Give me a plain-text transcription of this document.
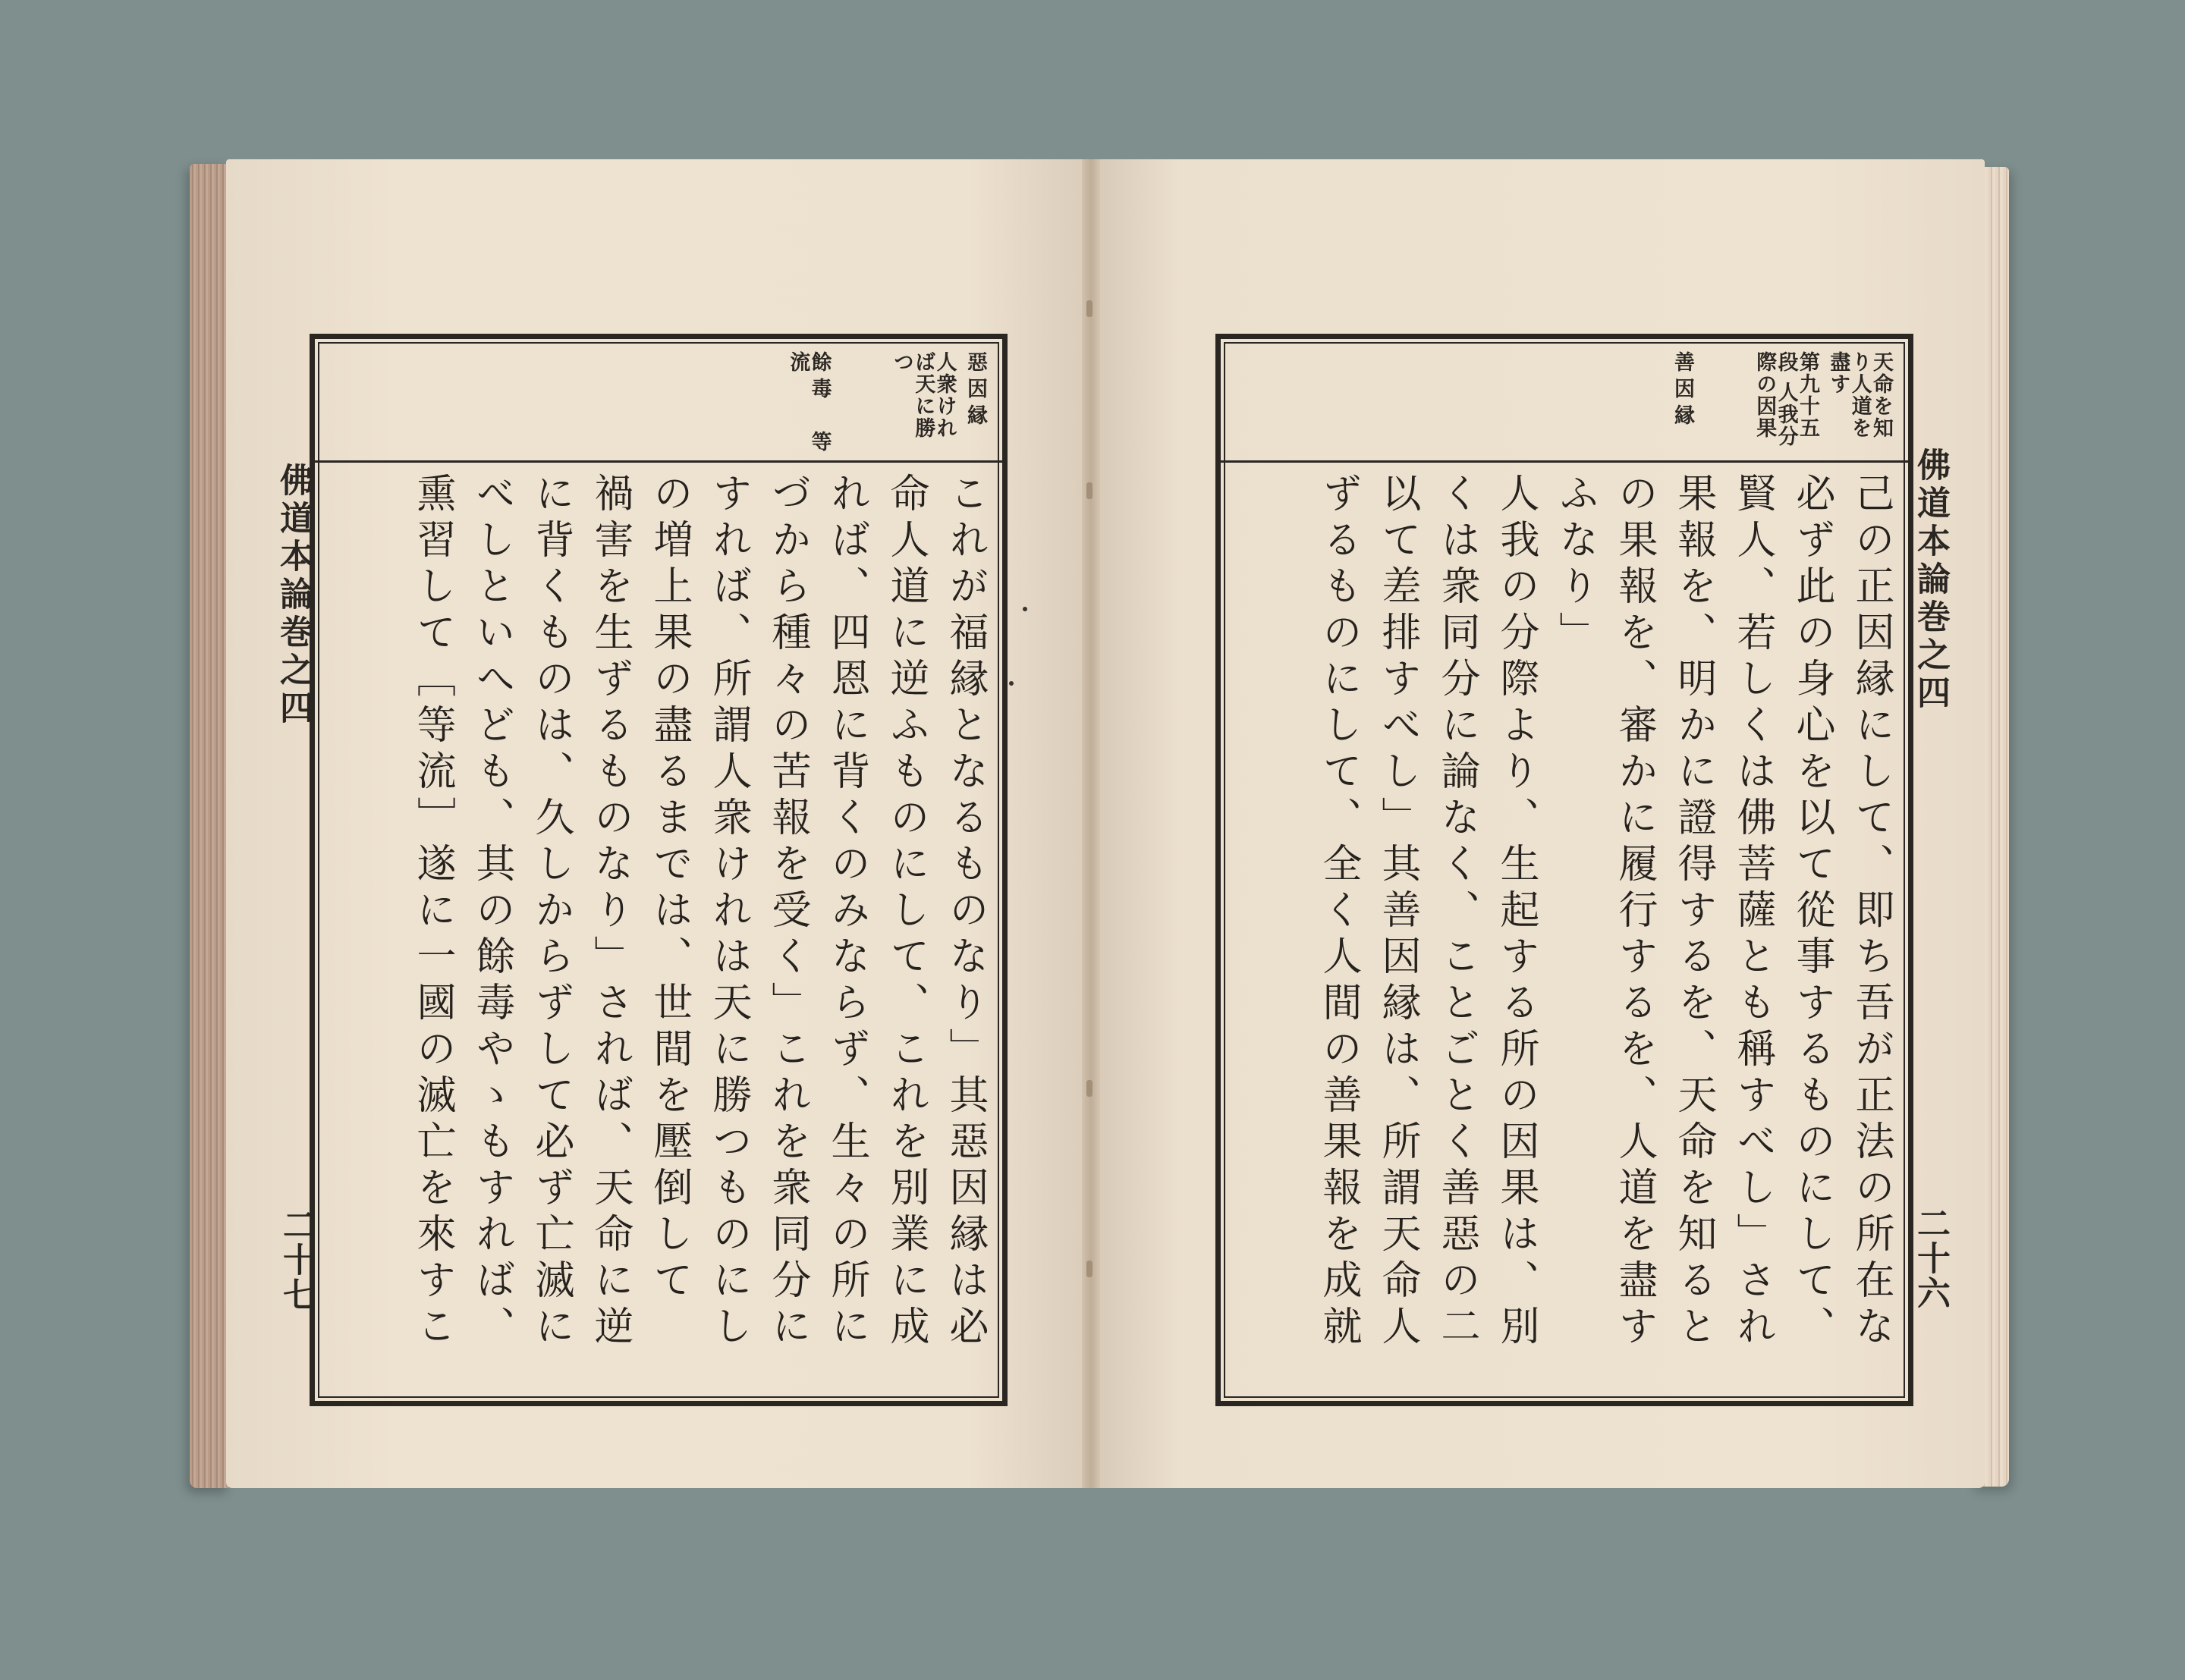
佛道本論巻之四
二十七
惡因縁
人衆ければ天に勝つ
餘毒　等流
これが福縁となるものなり」其惡因縁は必
命人道に逆ふものにして、これを別業に成
れば、四恩に背くのみならず、生々の所に
づから種々の苦報を受く」これを衆同分に
すれば、所謂人衆けれは天に勝つものにし
の増上果の盡るまでは、世間を壓倒して
禍害を生ずるものなり」されば、天命に逆
に背くものは、久しからずして必ず亡滅に
べしといへども、其の餘毒やゝもすれば、
熏習して［等流］遂に一國の滅亡を來すこ
佛道本論巻之四
二十六
天命を知り人道を盡す
第九十五段 人我分際の因果
善因縁
己の正因縁にして、即ち吾が正法の所在な
必ず此の身心を以て從事するものにして、
賢人、若しくは佛菩薩とも稱すべし」され
果報を、明かに證得するを、天命を知ると
の果報を、審かに履行するを、人道を盡す
ふなり」
人我の分際より、生起する所の因果は、別
くは衆同分に論なく、ことごとく善惡の二
以て差排すべし」其善因縁は、所謂天命人
ずるものにして、全く人間の善果報を成就
